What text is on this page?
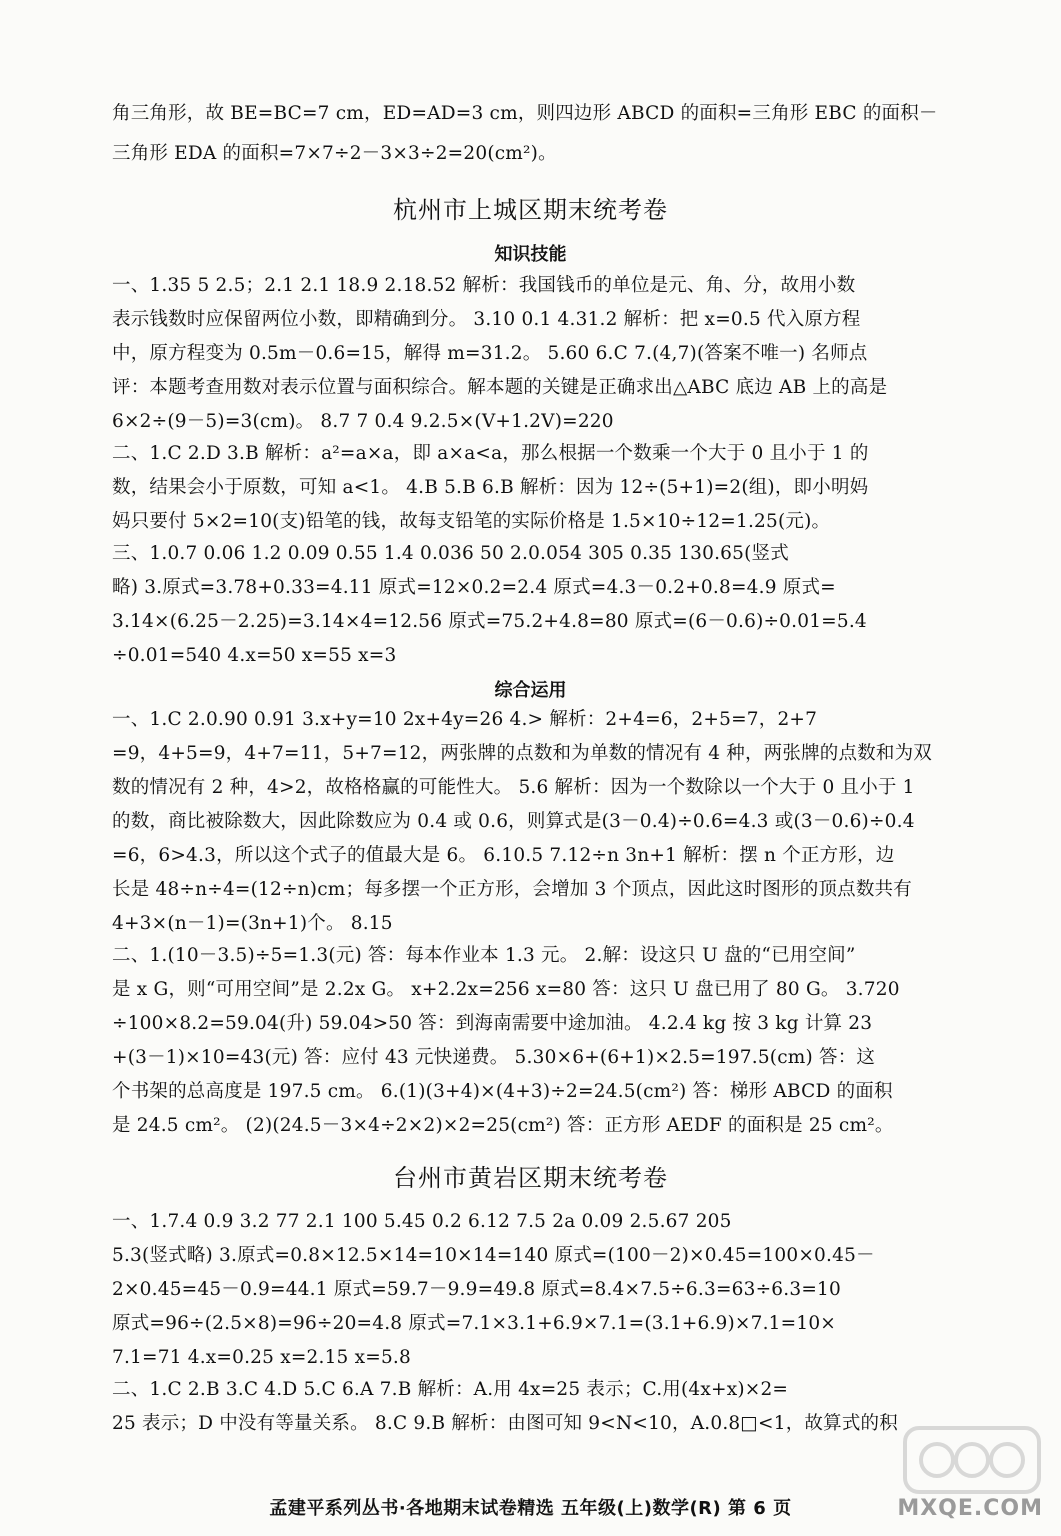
角三角形，故 BE=BC=7 cm，ED=AD=3 cm，则四边形 ABCD 的面积=三角形 EBC 的面积－
三角形 EDA 的面积=7×7÷2－3×3÷2=20(cm²)。
杭州市上城区期末统考卷
知识技能
一、1.35 5 2.5；2.1 2.1 18.9 2.18.52 解析：我国钱币的单位是元、角、分，故用小数
表示钱数时应保留两位小数，即精确到分。 3.10 0.1 4.31.2 解析：把 x=0.5 代入原方程
中，原方程变为 0.5m－0.6=15，解得 m=31.2。 5.60 6.C 7.(4,7)(答案不唯一) 名师点
评：本题考查用数对表示位置与面积综合。解本题的关键是正确求出△ABC 底边 AB 上的高是
6×2÷(9－5)=3(cm)。 8.7 7 0.4 9.2.5×(V+1.2V)=220
二、1.C 2.D 3.B 解析：a²=a×a，即 a×a<a，那么根据一个数乘一个大于 0 且小于 1 的
数，结果会小于原数，可知 a<1。 4.B 5.B 6.B 解析：因为 12÷(5+1)=2(组)，即小明妈
妈只要付 5×2=10(支)铅笔的钱，故每支铅笔的实际价格是 1.5×10÷12=1.25(元)。
三、1.0.7 0.06 1.2 0.09 0.55 1.4 0.036 50 2.0.054 305 0.35 130.65(竖式
略) 3.原式=3.78+0.33=4.11 原式=12×0.2=2.4 原式=4.3－0.2+0.8=4.9 原式=
3.14×(6.25－2.25)=3.14×4=12.56 原式=75.2+4.8=80 原式=(6－0.6)÷0.01=5.4
÷0.01=540 4.x=50 x=55 x=3
综合运用
一、1.C 2.0.90 0.91 3.x+y=10 2x+4y=26 4.> 解析：2+4=6，2+5=7，2+7
=9，4+5=9，4+7=11，5+7=12，两张牌的点数和为单数的情况有 4 种，两张牌的点数和为双
数的情况有 2 种，4>2，故格格赢的可能性大。 5.6 解析：因为一个数除以一个大于 0 且小于 1
的数，商比被除数大，因此除数应为 0.4 或 0.6，则算式是(3－0.4)÷0.6=4.3 或(3－0.6)÷0.4
=6，6>4.3，所以这个式子的值最大是 6。 6.10.5 7.12÷n 3n+1 解析：摆 n 个正方形，边
长是 48÷n÷4=(12÷n)cm；每多摆一个正方形，会增加 3 个顶点，因此这时图形的顶点数共有
4+3×(n－1)=(3n+1)个。 8.15
二、1.(10－3.5)÷5=1.3(元) 答：每本作业本 1.3 元。 2.解：设这只 U 盘的“已用空间”
是 x G，则“可用空间”是 2.2x G。 x+2.2x=256 x=80 答：这只 U 盘已用了 80 G。 3.720
÷100×8.2=59.04(升) 59.04>50 答：到海南需要中途加油。 4.2.4 kg 按 3 kg 计算 23
+(3－1)×10=43(元) 答：应付 43 元快递费。 5.30×6+(6+1)×2.5=197.5(cm) 答：这
个书架的总高度是 197.5 cm。 6.(1)(3+4)×(4+3)÷2=24.5(cm²) 答：梯形 ABCD 的面积
是 24.5 cm²。 (2)(24.5－3×4÷2×2)×2=25(cm²) 答：正方形 AEDF 的面积是 25 cm²。
台州市黄岩区期末统考卷
一、1.7.4 0.9 3.2 77 2.1 100 5.45 0.2 6.12 7.5 2a 0.09 2.5.67 205
5.3(竖式略) 3.原式=0.8×12.5×14=10×14=140 原式=(100－2)×0.45=100×0.45－
2×0.45=45－0.9=44.1 原式=59.7－9.9=49.8 原式=8.4×7.5÷6.3=63÷6.3=10
原式=96÷(2.5×8)=96÷20=4.8 原式=7.1×3.1+6.9×7.1=(3.1+6.9)×7.1=10×
7.1=71 4.x=0.25 x=2.15 x=5.8
二、1.C 2.B 3.C 4.D 5.C 6.A 7.B 解析：A.用 4x=25 表示；C.用(4x+x)×2=
25 表示；D 中没有等量关系。 8.C 9.B 解析：由图可知 9<N<10，A.0.8□<1，故算式的积
孟建平系列丛书·各地期末试卷精选 五年级(上)数学(R) 第 6 页	MXQE.COM
